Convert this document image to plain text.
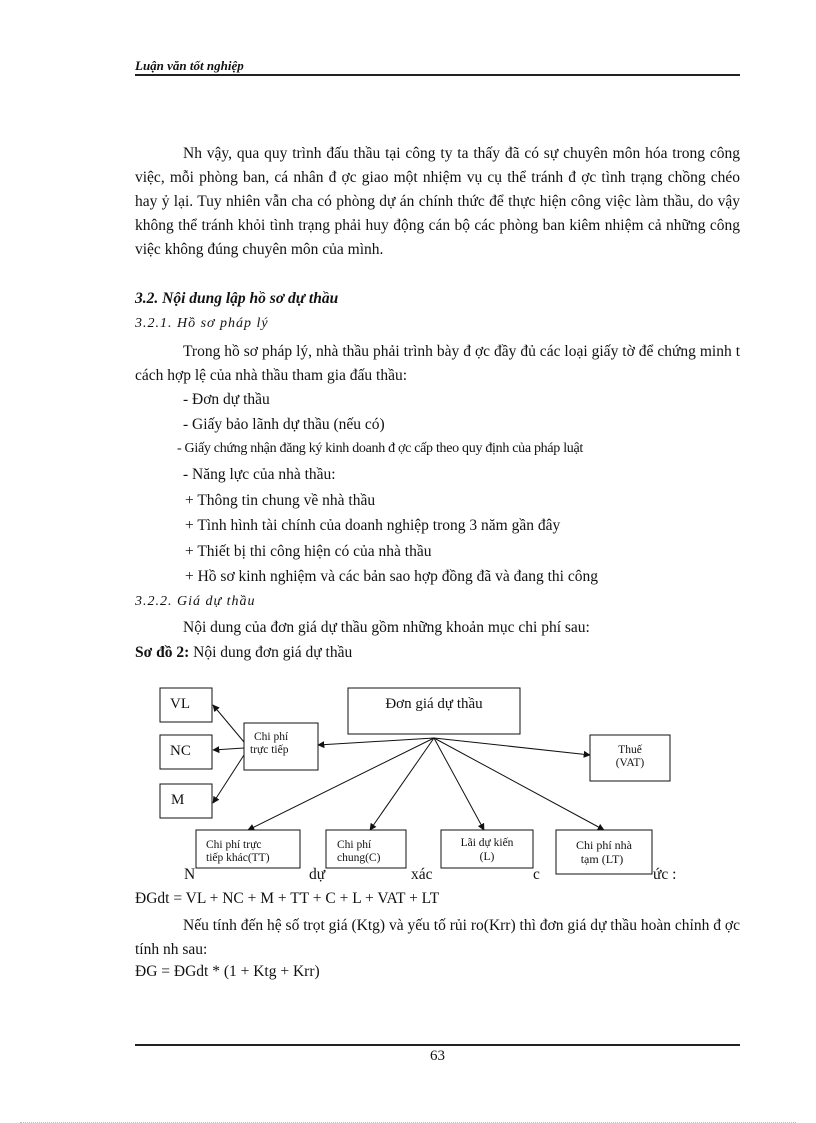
Luận văn tốt nghiệp
Nh vậy, qua quy trình đấu thầu tại công ty ta thấy đã có sự chuyên môn hóa trong công việc, mỗi phòng ban, cá nhân đ ợc giao một nhiệm vụ cụ thể tránh đ ợc tình trạng chồng chéo hay ỷ lại. Tuy nhiên vẫn cha có phòng dự án chính thức để thực hiện công việc làm thầu, do vậy không thể tránh khỏi tình trạng phải huy động cán bộ các phòng ban kiêm nhiệm cả những công việc không đúng chuyên môn của mình.
3.2. Nội dung lập hồ sơ dự thầu
3.2.1. Hồ sơ pháp lý
Trong hồ sơ pháp lý, nhà thầu phải trình bày đ ợc đầy đủ các loại giấy tờ để chứng minh t cách hợp lệ của nhà thầu tham gia đấu thầu:
- Đơn dự thầu
- Giấy bảo lãnh dự thầu (nếu có)
- Giấy chứng nhận đăng ký kinh doanh đ ợc cấp theo quy định của pháp luật
- Năng lực của nhà thầu:
+ Thông tin chung về nhà thầu
+ Tình hình tài chính của doanh nghiệp trong 3 năm gần đây
+ Thiết bị thi công hiện có của nhà thầu
+ Hồ sơ kinh nghiệm và các bản sao hợp đồng đã và đang thi công
3.2.2. Giá dự thầu
Nội dung của đơn giá dự thầu gồm những khoản mục chi phí sau:
Sơ đồ 2: Nội dung đơn giá dự thầu
Đơn giá dự thầu
VL
NC
M
Chi phí
trực tiếp	Thuế
(VAT)
Chi phí trực
tiếp khác(TT)
Chi phí
chung(C)
Lãi dự kiến
(L)
Chi phí nhà
tạm (LT)
N	dự	xác	c	ức :
ĐGdt = VL + NC + M + TT + C + L + VAT + LT
Nếu tính đến hệ số trọt giá (Ktg) và yếu tố rủi ro(Krr) thì đơn giá dự thầu hoàn chỉnh đ ợc tính nh sau:
ĐG = ĐGdt * (1 + Ktg + Krr)
63
